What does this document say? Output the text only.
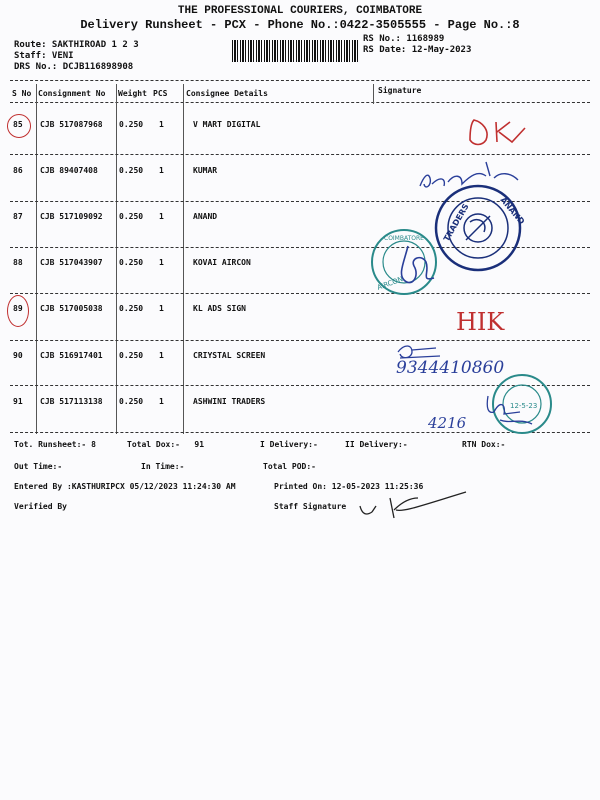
THE PROFESSIONAL COURIERS, COIMBATORE
Delivery Runsheet - PCX - Phone No.:0422-3505555 - Page No.:8
Route: SAKTHIROAD 1 2 3
Staff: VENI
DRS No.: DCJB116898908
RS No.: 1168989
RS Date: 12-May-2023
S No Consignment No Weight PCS Consignee Details	Signature
85 CJB 517087968 0.250 1	V MART DIGITAL
86 CJB 89407408	0.250 1	KUMAR
87 CJB 517109092 0.250 1	ANAND
88 CJB 517043907 0.250 1	KOVAI AIRCON
89 CJB 517005038 0.250 1	KL ADS SIGN
90 CJB 516917401 0.250 1	CRIYSTAL SCREEN
91 CJB 517113138 0.250 1	ASHWINI TRADERS
Tot. Runsheet:- 8	Total Dox:-   91	I Delivery:-	II Delivery:-	RTN Dox:-
Out Time:-	In Time:-	Total POD:-
Entered By :KASTHURIPCX 05/12/2023 11:24:30 AM	Printed On: 12-05-2023 11:25:36
Verified By	Staff Signature
HIK
9344410860
4216
TRADERS	ANAND
COIMBATORE
AIRCON
12-5-23
